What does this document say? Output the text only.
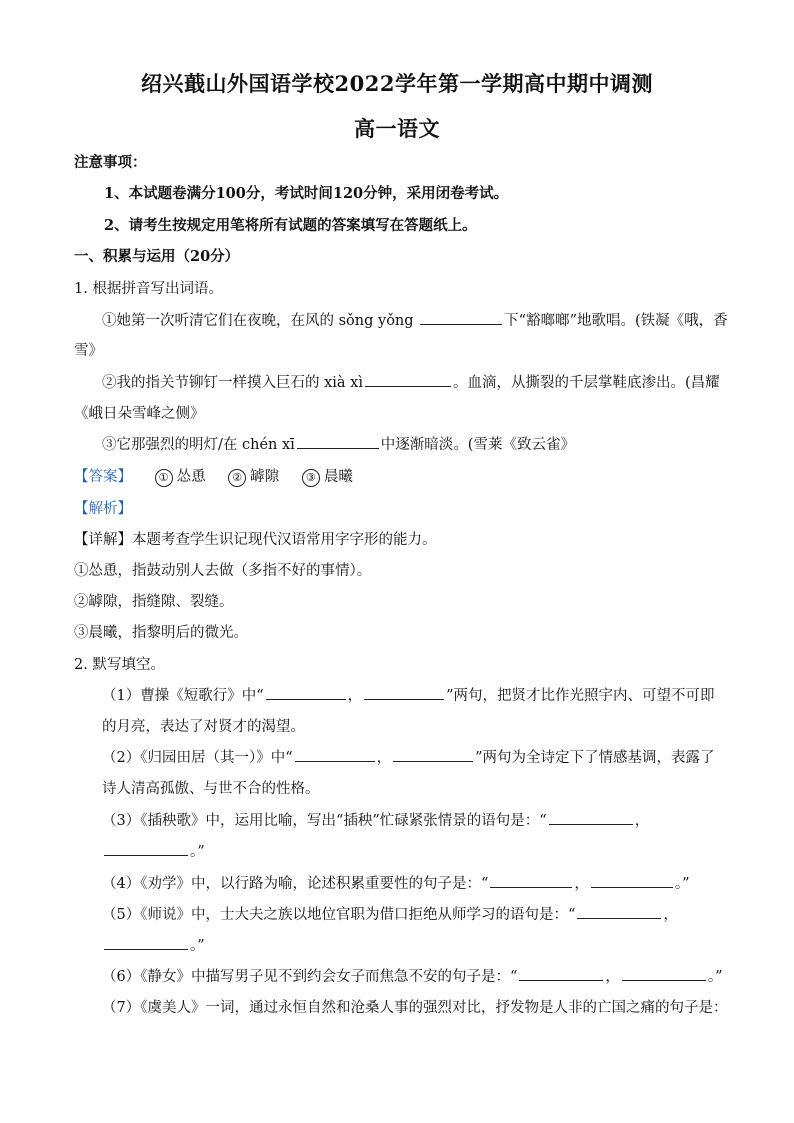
绍兴蕺山外国语学校2022学年第一学期高中期中调测
高一语文
注意事项：
1、本试题卷满分100分，考试时间120分钟，采用闭卷考试。
2、请考生按规定用笔将所有试题的答案填写在答题纸上。
一、积累与运用（20分）
1. 根据拼音写出词语。
①她第一次听清它们在夜晚，在风的 sǒng yǒng	下“豁啷啷”地歌唱。(铁凝《哦，香
雪》
②我的指关节铆钉一样摸入巨石的 xià xì	。血滴，从撕裂的千层掌鞋底渗出。(昌耀
《峨日朵雪峰之侧》
③它那强烈的明灯/在 chén xī	中逐渐暗淡。(雪莱《致云雀》
【答案】 ① 怂恿 ② 罅隙 ③ 晨曦
【解析】
【详解】本题考查学生识记现代汉语常用字字形的能力。
①怂恿，指鼓动别人去做（多指不好的事情）。
②罅隙，指缝隙、裂缝。
③晨曦，指黎明后的微光。
2. 默写填空。
（1）曹操《短歌行》中“	，	”两句，把贤才比作光照宇内、可望不可即
的月亮，表达了对贤才的渴望。
（2）《归园田居（其一）》中“	，	”两句为全诗定下了情感基调，表露了
诗人清高孤傲、与世不合的性格。
（3）《插秧歌》中，运用比喻，写出“插秧”忙碌紧张情景的语句是：“	，
。”
（4）《劝学》中，以行路为喻，论述积累重要性的句子是：“	，	。”
（5）《师说》中，士大夫之族以地位官职为借口拒绝从师学习的语句是：“	，
。”
（6）《静女》中描写男子见不到约会女子而焦急不安的句子是：“	，	。”
（7）《虞美人》一词，通过永恒自然和沧桑人事的强烈对比，抒发物是人非的亡国之痛的句子是：
